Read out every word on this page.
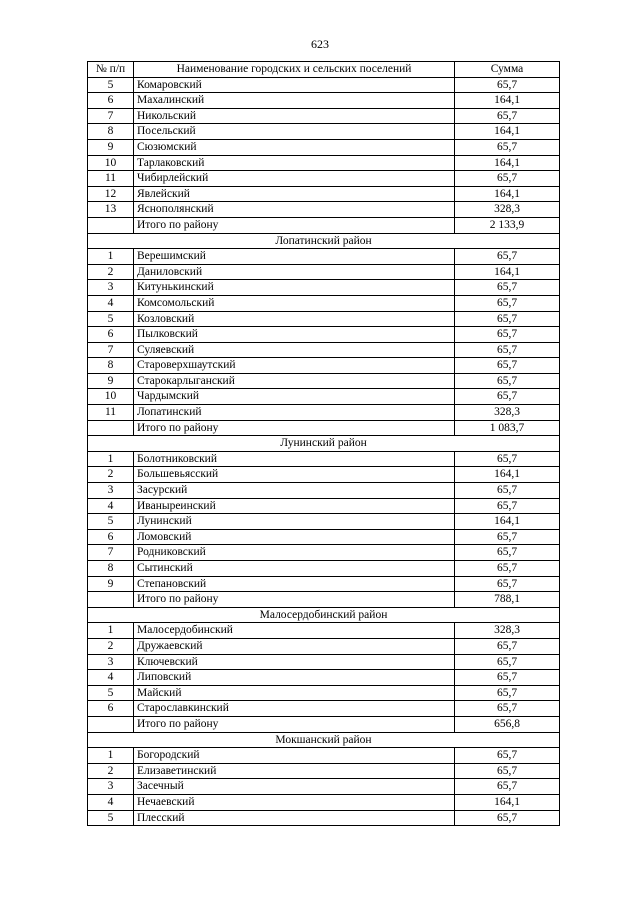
623
№ п/п	Наименование городских и сельских поселений	Сумма
5	Комаровский	65,7
6	Махалинский	164,1
7	Никольский	65,7
8	Посельский	164,1
9	Сюзюмский	65,7
10	Тарлаковский	164,1
11	Чибирлейский	65,7
12	Явлейский	164,1
13	Яснополянский	328,3
	Итого по району	2 133,9
Лопатинский район		
1	Верешимский	65,7
2	Даниловский	164,1
3	Китунькинский	65,7
4	Комсомольский	65,7
5	Козловский	65,7
6	Пылковский	65,7
7	Суляевский	65,7
8	Староверхшаутский	65,7
9	Старокарлыганский	65,7
10	Чардымский	65,7
11	Лопатинский	328,3
	Итого по району	1 083,7
Лунинский район		
1	Болотниковский	65,7
2	Большевьясский	164,1
3	Засурский	65,7
4	Иваныреинский	65,7
5	Лунинский	164,1
6	Ломовский	65,7
7	Родниковский	65,7
8	Сытинский	65,7
9	Степановский	65,7
	Итого по району	788,1
Малосердобинский район		
1	Малосердобинский	328,3
2	Дружаевский	65,7
3	Ключевский	65,7
4	Липовский	65,7
5	Майский	65,7
6	Старославкинский	65,7
	Итого по району	656,8
Мокшанский район		
1	Богородский	65,7
2	Елизаветинский	65,7
3	Засечный	65,7
4	Нечаевский	164,1
5	Плесский	65,7
